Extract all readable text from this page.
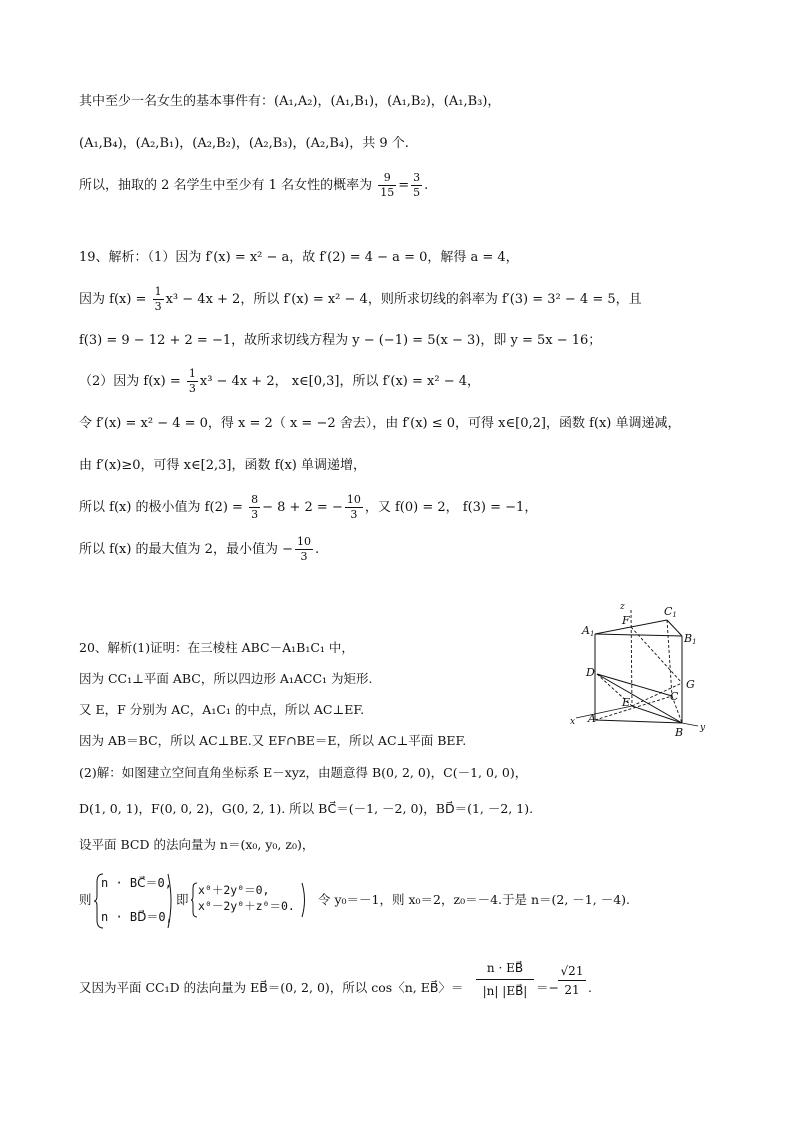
其中至少一名女生的基本事件有：(A₁,A₂)，(A₁,B₁)，(A₁,B₂)，(A₁,B₃)，
(A₁,B₄)，(A₂,B₁)，(A₂,B₂)，(A₂,B₃)，(A₂,B₄)，共 9 个.
所以，抽取的 2 名学生中至少有 1 名女性的概率为 $\frac{9}{15} = \frac{3}{5}$ .
19、解析：（1）因为 f′(x) = x² − a，故 f′(2) = 4 − a = 0，解得 a = 4，
因为 $f(x) = \frac{1}{3} x^3 - 4x + 2$，所以 f′(x) = x² − 4，则所求切线的斜率为 f′(3) = 3² − 4 = 5，且
f(3) = 9 − 12 + 2 = −1，故所求切线方程为 y − (−1) = 5(x − 3)，即 y = 5x − 16；
（2）因为 $f(x) = \frac{1}{3} x^3 - 4x + 2$， x∈[0,3]，所以 f′(x) = x² − 4，
令 f′(x) = x² − 4 = 0，得 x = 2（ x = −2 舍去），由 f′(x) ≤ 0，可得 x∈[0,2]，函数 f(x) 单调递减，
由 f′(x)≥0，可得 x∈[2,3]，函数 f(x) 单调递增，
所以 f(x) 的极小值为 $f(2) = \frac{8}{3} - 8 + 2$ = − $\frac{10}{3}$ ，又 f(0) = 2， f(3) = −1，
所以 f(x) 的最大值为 2，最小值为 − $\frac{10}{3}$ .
20、解析(1)证明：在三棱柱 ABC－A₁B₁C₁ 中，
因为 CC₁⊥平面 ABC，所以四边形 A₁ACC₁ 为矩形.
又 E，F 分别为 AC，A₁C₁ 的中点，所以 AC⊥EF.
因为 AB＝BC，所以 AC⊥BE.又 EF∩BE＝E，所以 AC⊥平面 BEF.
(2)解：如图建立空间直角坐标系 E－xyz，由题意得 B(0, 2, 0)，C(－1, 0, 0)，
D(1, 0, 1)，F(0, 0, 2)，G(0, 2, 1). 所以 BC⃗＝(－1, －2, 0)，BD⃗＝(1, －2, 1).
设平面 BCD 的法向量为 n＝(x₀, y₀, z₀)，
则
n · BC⃗＝0,
n · BD⃗＝0,
即
x⁰＋2y⁰＝0,
x⁰－2y⁰＋z⁰＝0. 令 y₀＝－1，则 x₀＝2，z₀＝－4.于是 n＝(2, －1, －4).
又因为平面 CC₁D 的法向量为 EB⃗＝(0, 2, 0)，所以 cos〈n, EB⃗〉＝ $\frac{n \cdot EB⃗}{|n| |EB⃗|} =- \frac{√21}{21}$ .
z
F
C1
A1	B1
D
G
C
E
x A
B y
